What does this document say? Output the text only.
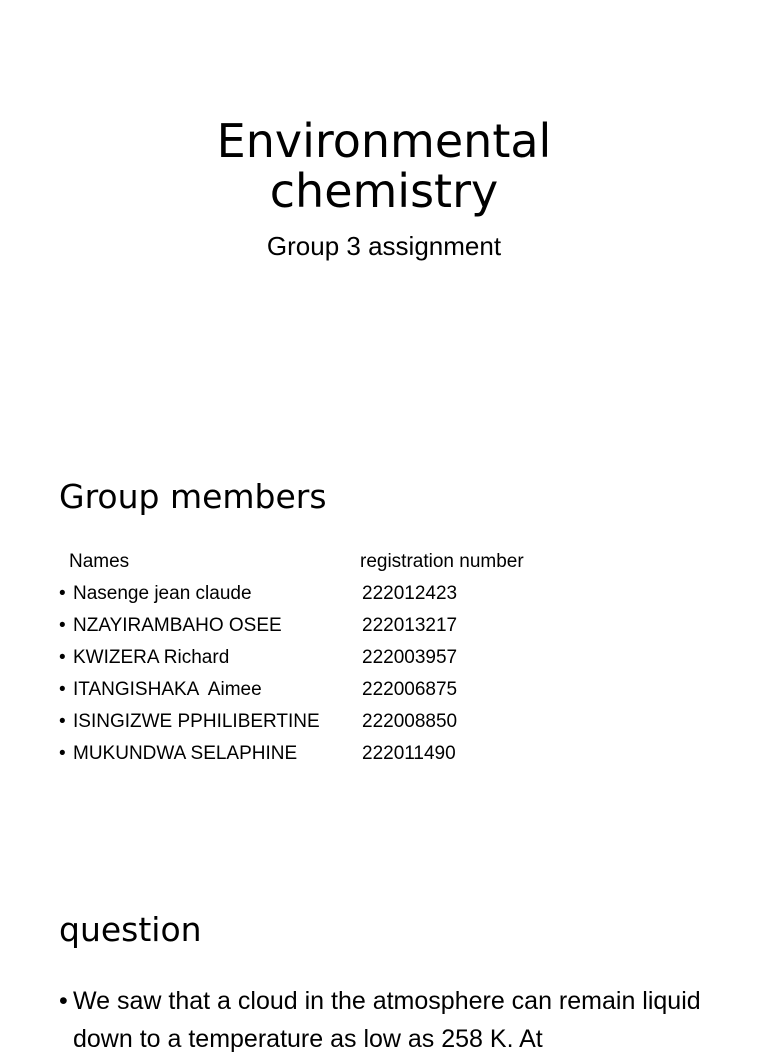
Environmental
chemistry
Group 3 assignment
Group members
Names	registration number
• Nasenge jean claude	222012423
• NZAYIRAMBAHO OSEE	222013217
• KWIZERA Richard	222003957
• ITANGISHAKA  Aimee	222006875
• ISINGIZWE PPHILIBERTINE 222008850
• MUKUNDWA SELAPHINE	222011490
question
• We saw that a cloud in the atmosphere can remain liquid down to a temperature as low as 258 K. At
